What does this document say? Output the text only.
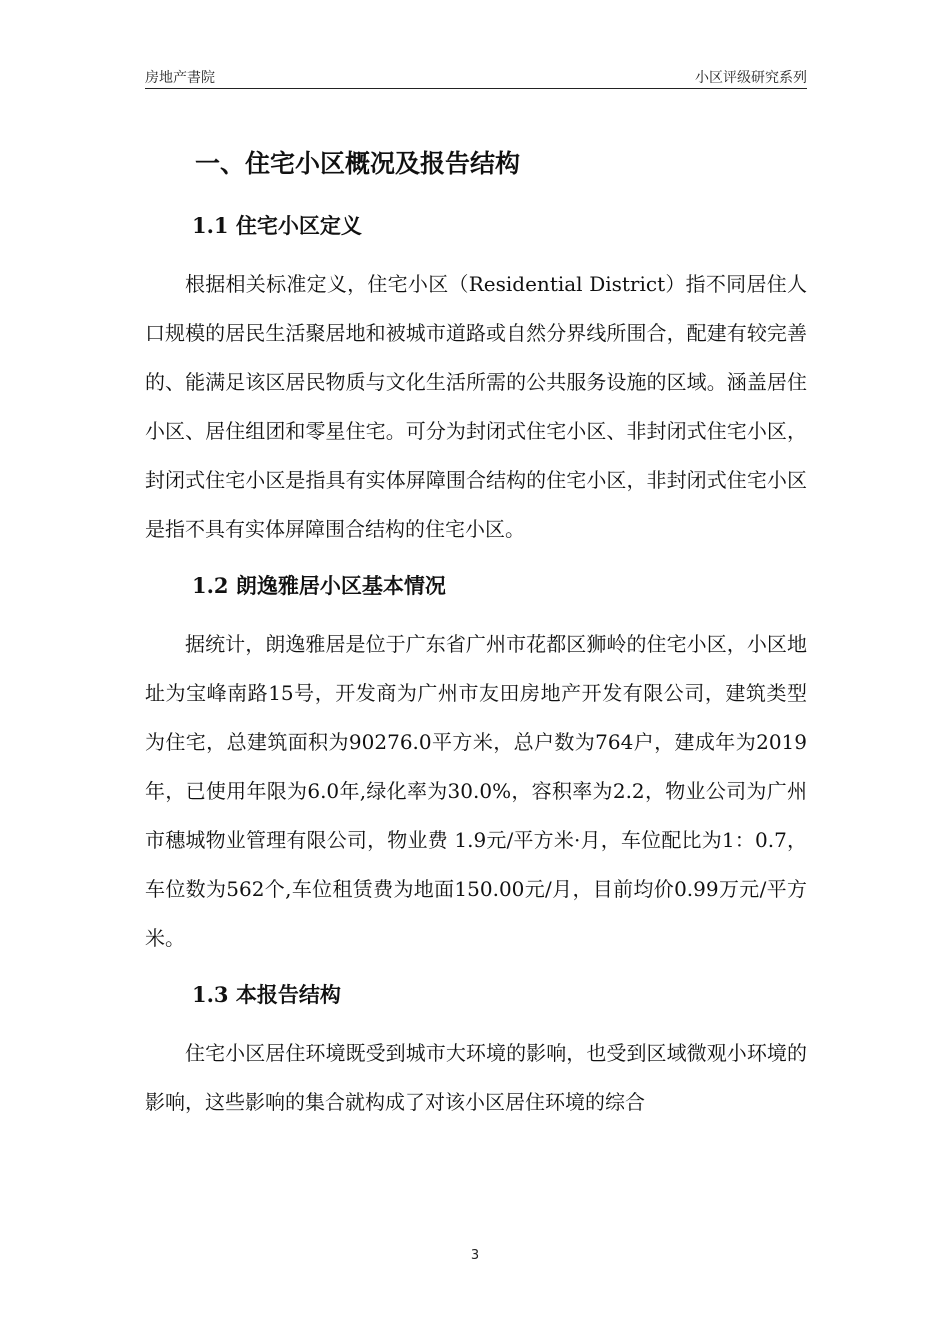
房地产書院	小区评级研究系列
一、住宅小区概况及报告结构
1.1 住宅小区定义

根据相关标准定义，住宅小区（Residential District）指不同居住人口规模的居民生活聚居地和被城市道路或自然分界线所围合，配建有较完善的、能满足该区居民物质与文化生活所需的公共服务设施的区域。涵盖居住小区、居住组团和零星住宅。可分为封闭式住宅小区、非封闭式住宅小区，封闭式住宅小区是指具有实体屏障围合结构的住宅小区，非封闭式住宅小区是指不具有实体屏障围合结构的住宅小区。

1.2 朗逸雅居小区基本情况

据统计，朗逸雅居是位于广东省广州市花都区狮岭的住宅小区，小区地址为宝峰南路15号，开发商为广州市友田房地产开发有限公司，建筑类型为住宅，总建筑面积为90276.0平方米，总户数为764户，建成年为2019年，已使用年限为6.0年,绿化率为30.0%，容积率为2.2，物业公司为广州市穗城物业管理有限公司，物业费 1.9元/平方米·月，车位配比为1：0.7，车位数为562个,车位租赁费为地面150.00元/月，目前均价0.99万元/平方米。

1.3 本报告结构

住宅小区居住环境既受到城市大环境的影响，也受到区域微观小环境的影响，这些影响的集合就构成了对该小区居住环境的综合

3
